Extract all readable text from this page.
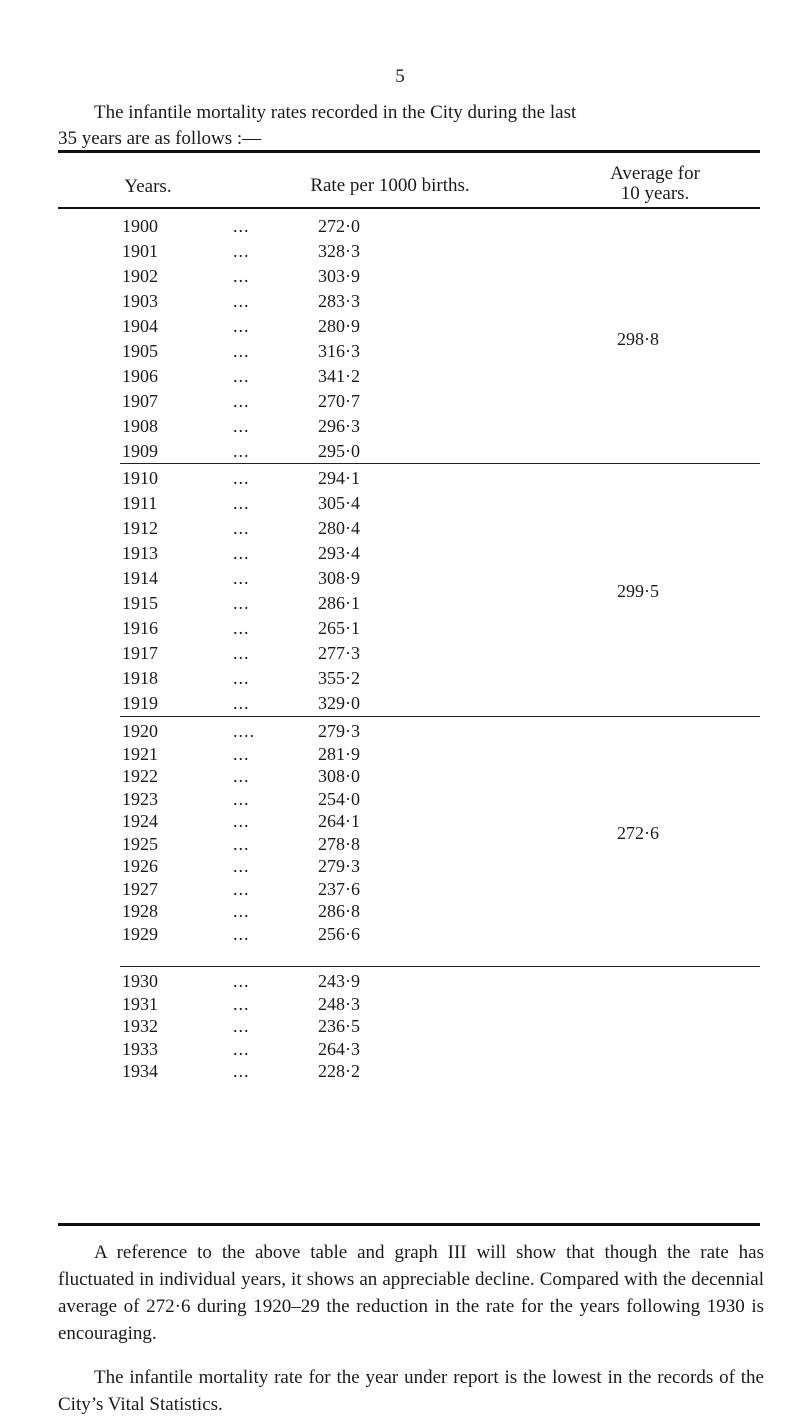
5
The infantile mortality rates recorded in the City during the last
35 years are as follows :—
Years.	Rate per 1000 births.
Average for
10 years.
1900	...	272·0
1901	...	328·3
1902	...	303·9
1903	...	283·3
1904	...	280·9
1905	...	316·3
1906	...	341·2
1907	...	270·7
1908	...	296·3
1909	...	295·0
298·8
1910	...	294·1
1911	...	305·4
1912	...	280·4
1913	...	293·4
1914	...	308·9
1915	...	286·1
1916	...	265·1
1917	...	277·3
1918	...	355·2
1919	...	329·0
299·5
1920	....	279·3
1921	...	281·9
1922	...	308·0
1923	...	254·0
1924	...	264·1
1925	...	278·8
1926	...	279·3
1927	...	237·6
1928	...	286·8
1929	...	256·6
272·6
1930	...	243·9
1931	...	248·3
1932	...	236·5
1933	...	264·3
1934	...	228·2

A reference to the above table and graph III will show that though the rate has fluctuated in individual years, it shows an appreciable decline. Compared with the decennial average of 272·6 during 1920–29 the reduction in the rate for the years following 1930 is encouraging.

The infantile mortality rate for the year under report is the lowest in the records of the City’s Vital Statistics.
